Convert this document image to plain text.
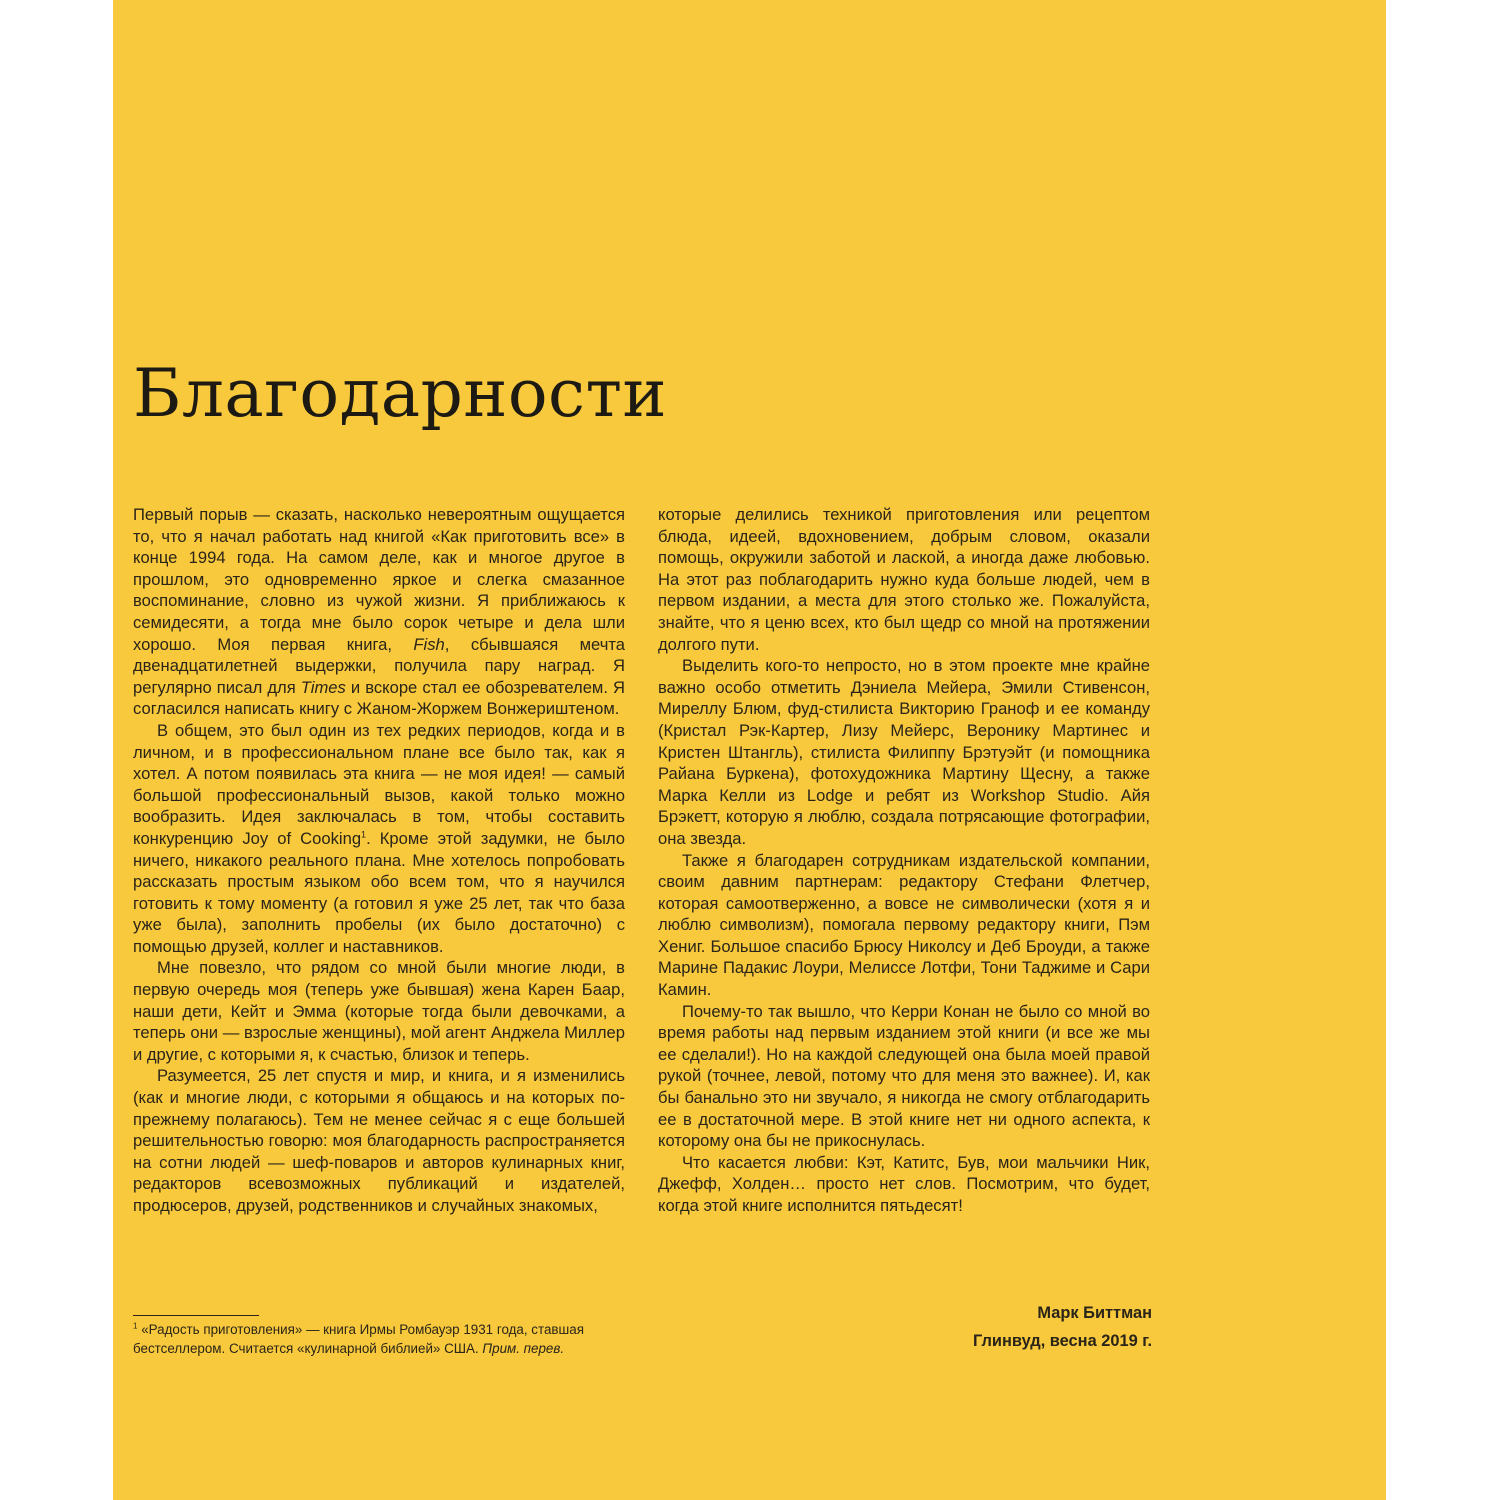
Благодарности

Первый порыв — сказать, насколько невероятным ощущается то, что я начал работать над книгой «Как приготовить все» в конце 1994 года. На самом деле, как и многое другое в прошлом, это одновременно яркое и слегка смазанное воспоминание, словно из чужой жизни. Я приближаюсь к семидесяти, а тогда мне было сорок четыре и дела шли хорошо. Моя первая книга, Fish, сбывшаяся мечта двенадцатилетней выдержки, получила пару наград. Я регулярно писал для Times и вскоре стал ее обозревателем. Я согласился написать книгу с Жаном-Жоржем Вонжериштеном.

В общем, это был один из тех редких периодов, когда и в личном, и в профессиональном плане все было так, как я хотел. А потом появилась эта книга — не моя идея! — самый большой профессиональный вызов, какой только можно вообразить. Идея заключалась в том, чтобы составить конкуренцию Joy of Cooking$^1$. Кроме этой задумки, не было ничего, никакого реального плана. Мне хотелось попробовать рассказать простым языком обо всем том, что я научился готовить к тому моменту (а готовил я уже 25 лет, так что база уже была), заполнить пробелы (их было достаточно) с помощью друзей, коллег и наставников.

Мне повезло, что рядом со мной были многие люди, в первую очередь моя (теперь уже бывшая) жена Карен Баар, наши дети, Кейт и Эмма (которые тогда были девочками, а теперь они — взрослые женщины), мой агент Анджела Миллер и другие, с которыми я, к счастью, близок и теперь.

Разумеется, 25 лет спустя и мир, и книга, и я изменились (как и многие люди, с которыми я общаюсь и на которых по-прежнему полагаюсь). Тем не менее сейчас я с еще большей решительностью говорю: моя благодарность распространяется на сотни людей — шеф-поваров и авторов кулинарных книг, редакторов всевозможных публикаций и издателей, продюсеров, друзей, родственников и случайных знакомых,

которые делились техникой приготовления или рецептом блюда, идеей, вдохновением, добрым словом, оказали помощь, окружили заботой и лаской, а иногда даже любовью. На этот раз поблагодарить нужно куда больше людей, чем в первом издании, а места для этого столько же. Пожалуйста, знайте, что я ценю всех, кто был щедр со мной на протяжении долгого пути.

Выделить кого-то непросто, но в этом проекте мне крайне важно особо отметить Дэниела Мейера, Эмили Стивенсон, Миреллу Блюм, фуд-стилиста Викторию Граноф и ее команду (Кристал Рэк-Картер, Лизу Мейерс, Веронику Мартинес и Кристен Штангль), стилиста Филиппу Брэтуэйт (и помощника Райана Буркена), фотохудожника Мартину Щесну, а также Марка Келли из Lodge и ребят из Workshop Studio. Айя Брэкетт, которую я люблю, создала потрясающие фотографии, она звезда.

Также я благодарен сотрудникам издательской компании, своим давним партнерам: редактору Стефани Флетчер, которая самоотверженно, а вовсе не символически (хотя я и люблю символизм), помогала первому редактору книги, Пэм Хениг. Большое спасибо Брюсу Николсу и Деб Броуди, а также Марине Падакис Лоури, Мелиссе Лотфи, Тони Таджиме и Сари Камин.

Почему-то так вышло, что Керри Конан не было со мной во время работы над первым изданием этой книги (и все же мы ее сделали!). Но на каждой следующей она была моей правой рукой (точнее, левой, потому что для меня это важнее). И, как бы банально это ни звучало, я никогда не смогу отблагодарить ее в достаточной мере. В этой книге нет ни одного аспекта, к которому она бы не прикоснулась.

Что касается любви: Кэт, Катитс, Був, мои мальчики Ник, Джефф, Холден… просто нет слов. Посмотрим, что будет, когда этой книге исполнится пятьдесят!

$^1$ «Радость приготовления» — книга Ирмы Ромбауэр 1931 года, ставшая бестселлером. Считается «кулинарной библией» США. Прим. перев.
Марк Биттман
Глинвуд, весна 2019 г.
